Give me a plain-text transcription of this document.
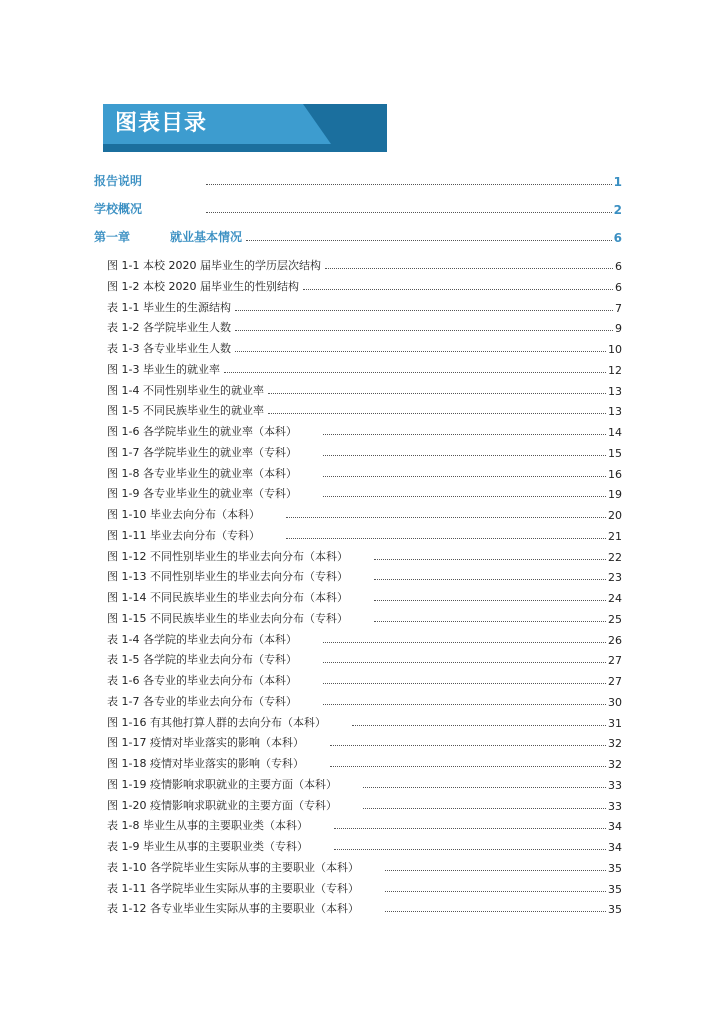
图表目录
报告说明	1
学校概况	2
第一章	就业基本情况	6
图 1-1 本校 2020 届毕业生的学历层次结构	6
图 1-2 本校 2020 届毕业生的性别结构	6
表 1-1 毕业生的生源结构	7
表 1-2 各学院毕业生人数	9
表 1-3 各专业毕业生人数	10
图 1-3 毕业生的就业率	12
图 1-4 不同性别毕业生的就业率	13
图 1-5 不同民族毕业生的就业率	13
图 1-6 各学院毕业生的就业率（本科）	14
图 1-7 各学院毕业生的就业率（专科）	15
图 1-8 各专业毕业生的就业率（本科）	16
图 1-9 各专业毕业生的就业率（专科）	19
图 1-10 毕业去向分布（本科）	20
图 1-11 毕业去向分布（专科）	21
图 1-12 不同性别毕业生的毕业去向分布（本科）	22
图 1-13 不同性别毕业生的毕业去向分布（专科）	23
图 1-14 不同民族毕业生的毕业去向分布（本科）	24
图 1-15 不同民族毕业生的毕业去向分布（专科）	25
表 1-4 各学院的毕业去向分布（本科）	26
表 1-5 各学院的毕业去向分布（专科）	27
表 1-6 各专业的毕业去向分布（本科）	27
表 1-7 各专业的毕业去向分布（专科）	30
图 1-16 有其他打算人群的去向分布（本科）	31
图 1-17 疫情对毕业落实的影响（本科）	32
图 1-18 疫情对毕业落实的影响（专科）	32
图 1-19 疫情影响求职就业的主要方面（本科）	33
图 1-20 疫情影响求职就业的主要方面（专科）	33
表 1-8 毕业生从事的主要职业类（本科）	34
表 1-9 毕业生从事的主要职业类（专科）	34
表 1-10 各学院毕业生实际从事的主要职业（本科）	35
表 1-11 各学院毕业生实际从事的主要职业（专科）	35
表 1-12 各专业毕业生实际从事的主要职业（本科）	35
